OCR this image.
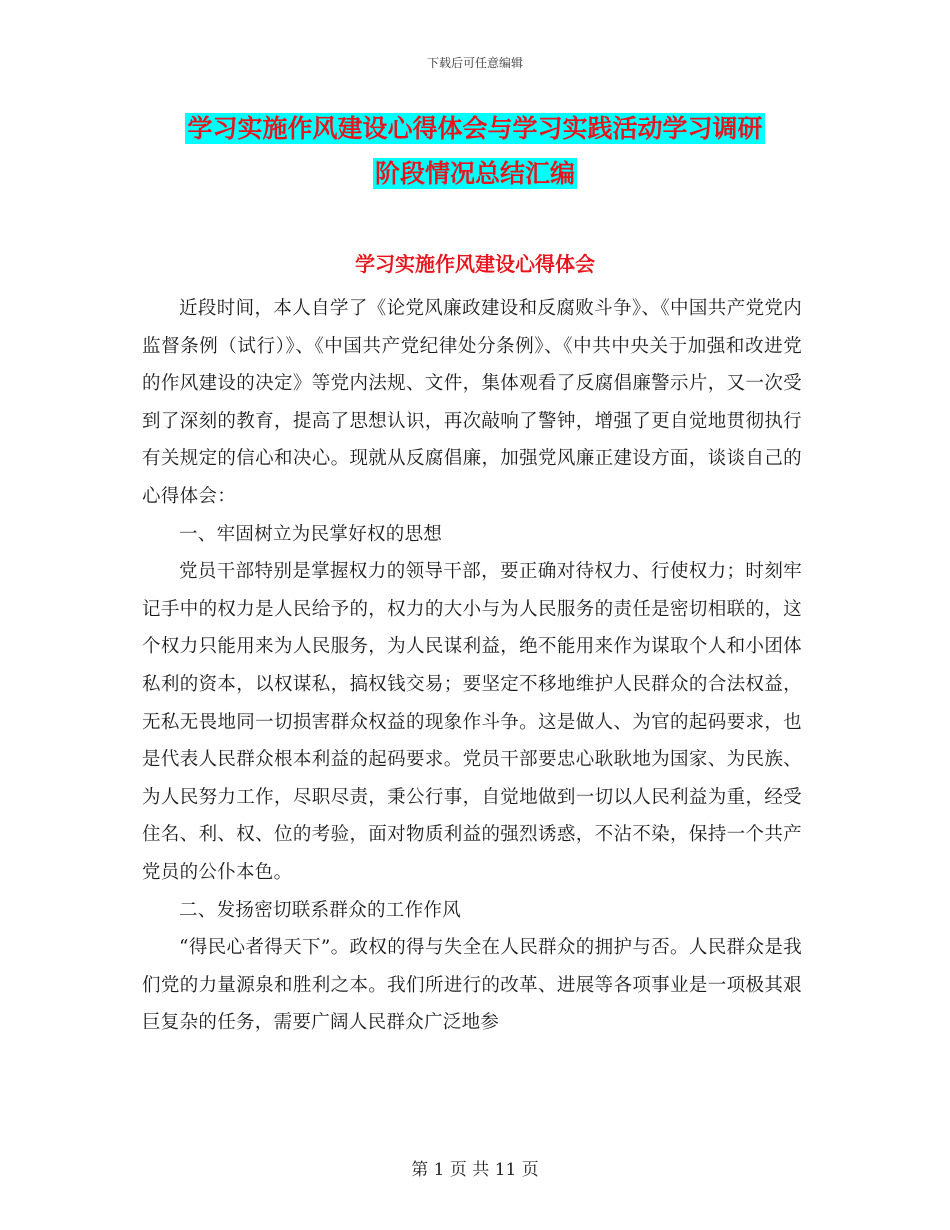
下载后可任意编辑
学习实施作风建设心得体会与学习实践活动学习调研
阶段情况总结汇编
学习实施作风建设心得体会

近段时间，本人自学了《论党风廉政建设和反腐败斗争》、《中国共产党党内监督条例（试行）》、《中国共产党纪律处分条例》、《中共中央关于加强和改进党的作风建设的决定》等党内法规、文件，集体观看了反腐倡廉警示片，又一次受到了深刻的教育，提高了思想认识，再次敲响了警钟，增强了更自觉地贯彻执行有关规定的信心和决心。现就从反腐倡廉，加强党风廉正建设方面，谈谈自己的心得体会：

一、牢固树立为民掌好权的思想

党员干部特别是掌握权力的领导干部，要正确对待权力、行使权力；时刻牢记手中的权力是人民给予的，权力的大小与为人民服务的责任是密切相联的，这个权力只能用来为人民服务，为人民谋利益，绝不能用来作为谋取个人和小团体私利的资本，以权谋私，搞权钱交易；要坚定不移地维护人民群众的合法权益，无私无畏地同一切损害群众权益的现象作斗争。这是做人、为官的起码要求，也是代表人民群众根本利益的起码要求。党员干部要忠心耿耿地为国家、为民族、为人民努力工作，尽职尽责，秉公行事，自觉地做到一切以人民利益为重，经受住名、利、权、位的考验，面对物质利益的强烈诱惑，不沾不染，保持一个共产党员的公仆本色。

二、发扬密切联系群众的工作作风

“得民心者得天下”。政权的得与失全在人民群众的拥护与否。人民群众是我们党的力量源泉和胜利之本。我们所进行的改革、进展等各项事业是一项极其艰巨复杂的任务，需要广阔人民群众广泛地参

第 1 页 共 11 页
